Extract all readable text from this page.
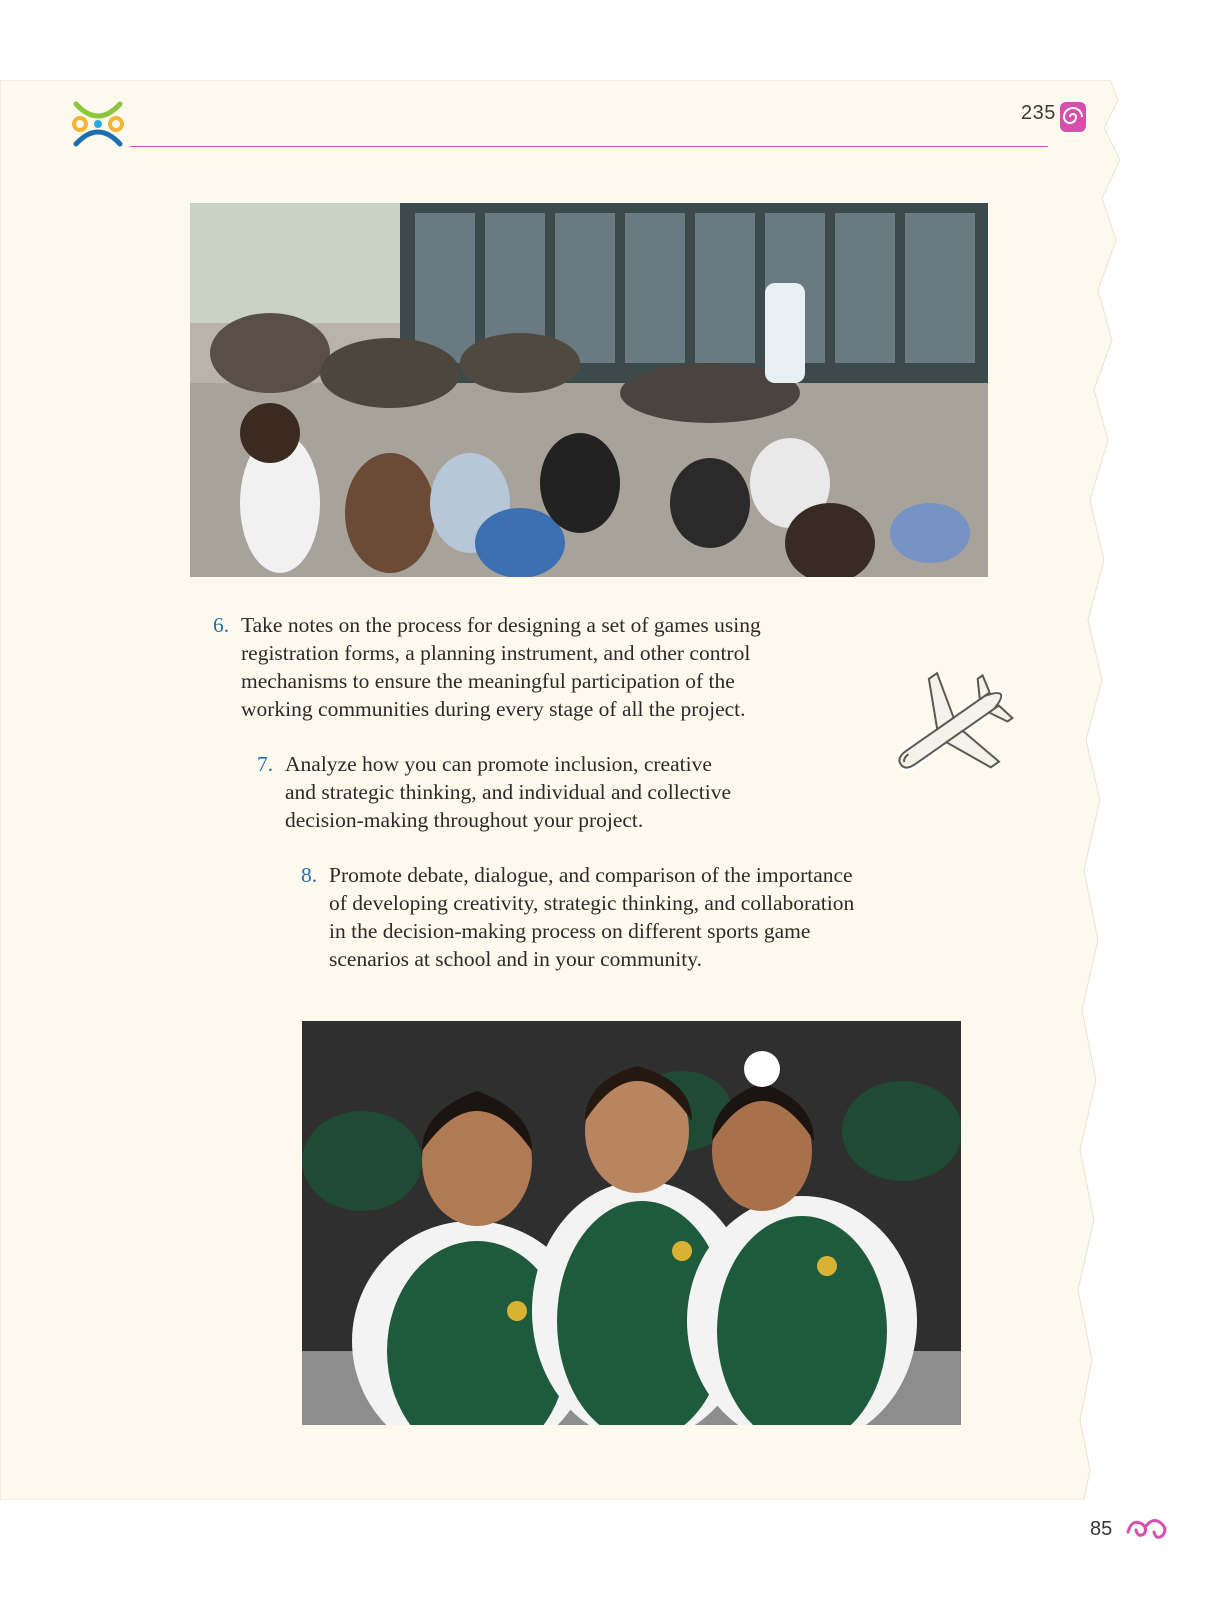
235
6. Take notes on the process for designing a set of games using

registration forms, a planning instrument, and other control

mechanisms to ensure the meaningful participation of the

working communities during every stage of all the project.

7. Analyze how you can promote inclusion, creative

and strategic thinking, and individual and collective

decision-making throughout your project.

8. Promote debate, dialogue, and comparison of the importance

of developing creativity, strategic thinking, and collaboration

in the decision-making process on different sports game

scenarios at school and in your community.

85
